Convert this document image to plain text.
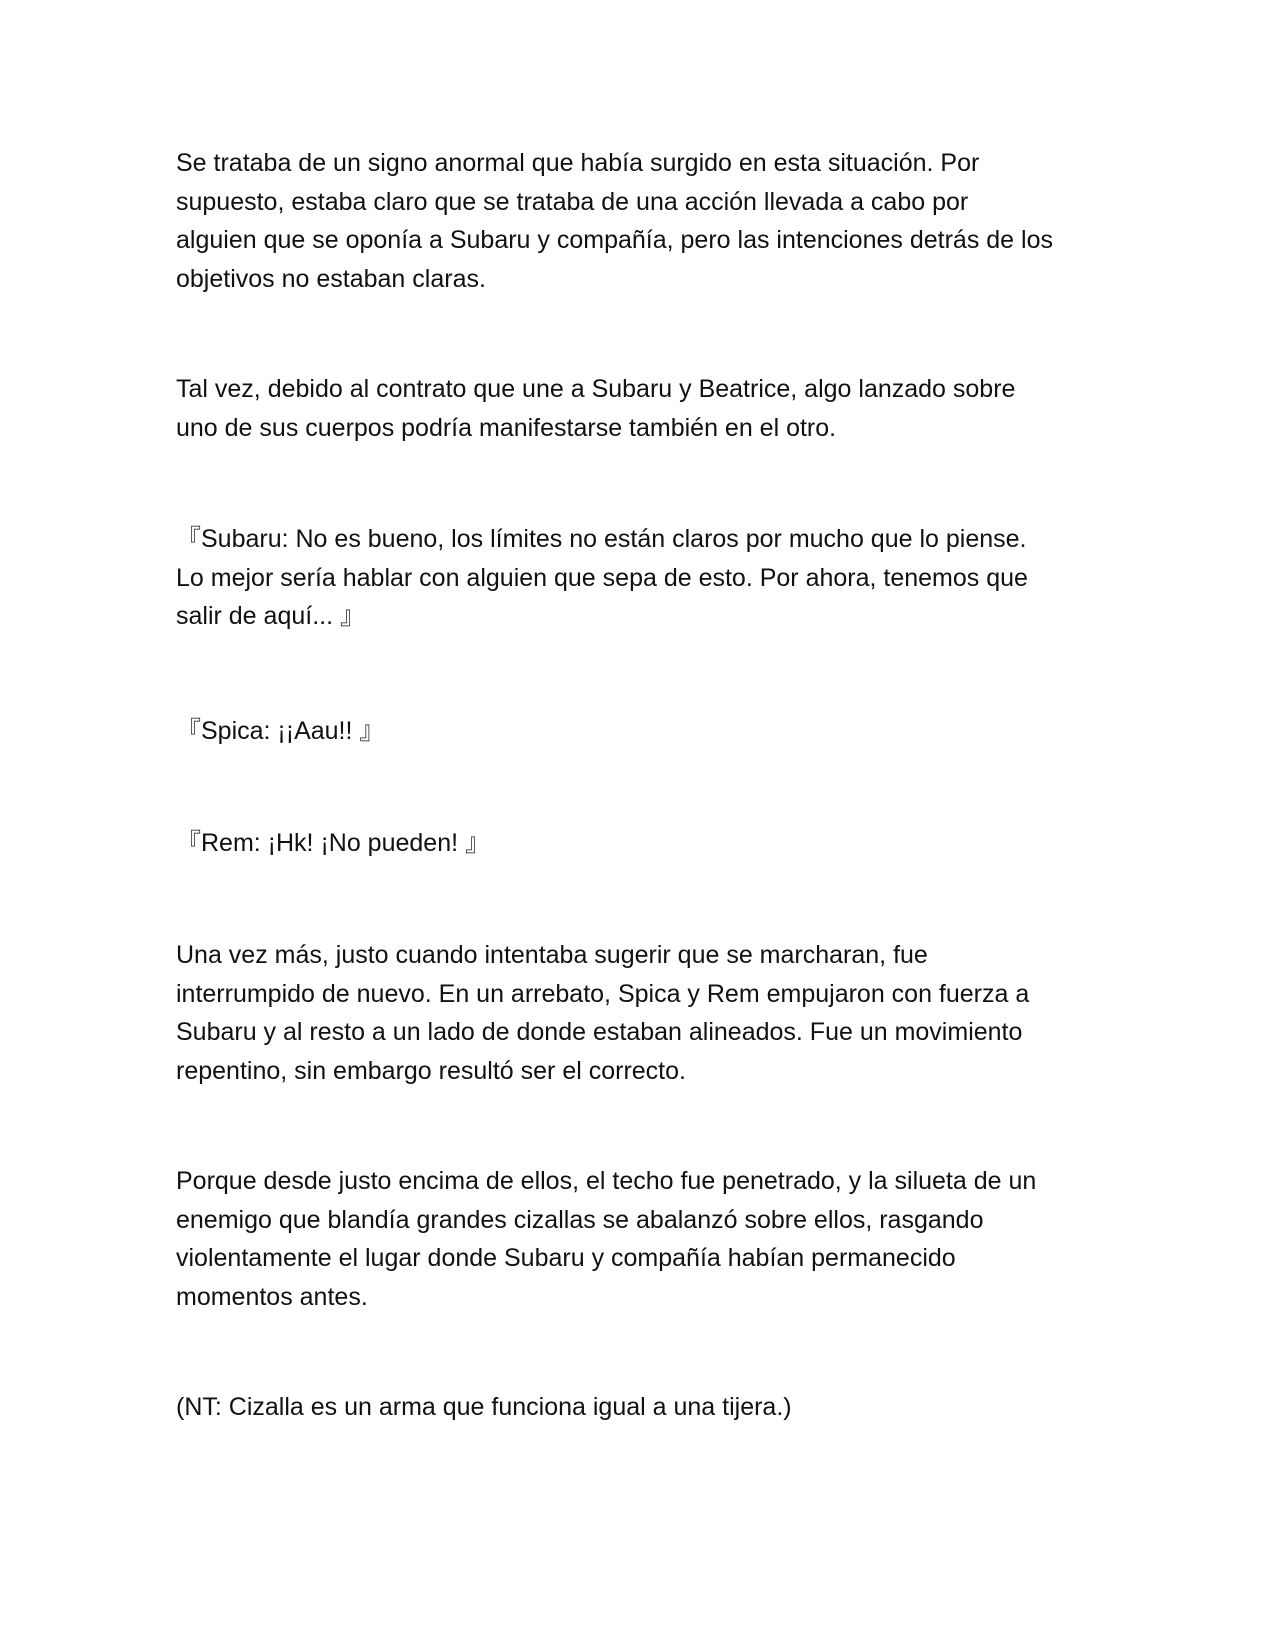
Se trataba de un signo anormal que había surgido en esta situación. Por
supuesto, estaba claro que se trataba de una acción llevada a cabo por
alguien que se oponía a Subaru y compañía, pero las intenciones detrás de los
objetivos no estaban claras.

Tal vez, debido al contrato que une a Subaru y Beatrice, algo lanzado sobre
uno de sus cuerpos podría manifestarse también en el otro.

『Subaru: No es bueno, los límites no están claros por mucho que lo piense.
Lo mejor sería hablar con alguien que sepa de esto. Por ahora, tenemos que
salir de aquí... 』

『Spica: ¡¡Aau!! 』

『Rem: ¡Hk! ¡No pueden! 』

Una vez más, justo cuando intentaba sugerir que se marcharan, fue
interrumpido de nuevo. En un arrebato, Spica y Rem empujaron con fuerza a
Subaru y al resto a un lado de donde estaban alineados. Fue un movimiento
repentino, sin embargo resultó ser el correcto.

Porque desde justo encima de ellos, el techo fue penetrado, y la silueta de un
enemigo que blandía grandes cizallas se abalanzó sobre ellos, rasgando
violentamente el lugar donde Subaru y compañía habían permanecido
momentos antes.

(NT: Cizalla es un arma que funciona igual a una tijera.)
